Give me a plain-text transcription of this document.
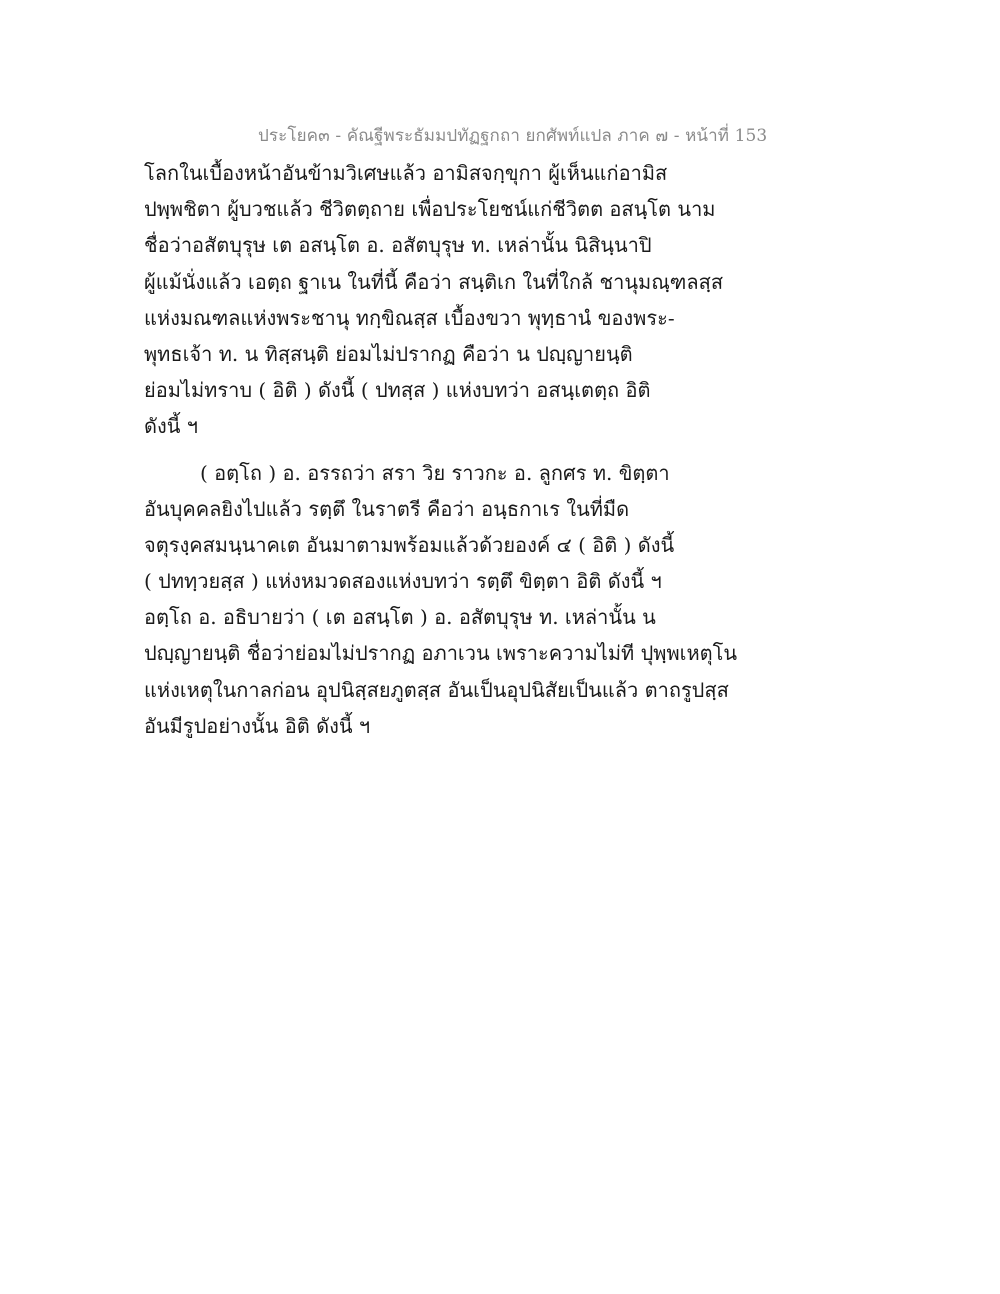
ประโยค๓ - คัณฐีพระธัมมปทัฏฐกถา ยกศัพท์แปล ภาค ๗ - หน้าที่ 153
โลกในเบื้องหน้าอันข้ามวิเศษแล้ว อามิสจกฺขุกา ผู้เห็นแก่อามิส
ปพฺพชิตา ผู้บวชแล้ว ชีวิตตฺถาย เพื่อประโยชน์แก่ชีวิตต อสนฺโต นาม
ชื่อว่าอสัตบุรุษ เต อสนฺโต อ. อสัตบุรุษ ท. เหล่านั้น นิสินฺนาปิ
ผู้แม้นั่งแล้ว เอตฺถ ฐาเน ในที่นี้ คือว่า สนฺติเก ในที่ใกล้ ชานุมณฺฑลสฺส
แห่งมณฑลแห่งพระชานุ ทกฺขิณสฺส เบื้องขวา พุทฺธานํ ของพระ-
พุทธเจ้า ท. น ทิสฺสนฺติ ย่อมไม่ปรากฏ คือว่า น ปญฺญายนฺติ
ย่อมไม่ทราบ ( อิติ ) ดังนี้ ( ปทสฺส ) แห่งบทว่า อสนฺเตตฺถ อิติ
ดังนี้ ฯ
( อตฺโถ ) อ. อรรถว่า สรา วิย ราวกะ อ. ลูกศร ท. ขิตฺตา
อันบุคคลยิงไปแล้ว รตฺตึ ในราตรี คือว่า อนฺธกาเร ในที่มืด
จตุรงฺคสมนฺนาคเต อันมาตามพร้อมแล้วด้วยองค์ ๔ ( อิติ ) ดังนี้
( ปททฺวยสฺส ) แห่งหมวดสองแห่งบทว่า รตฺตึ ขิตฺตา อิติ ดังนี้ ฯ
อตฺโถ อ. อธิบายว่า ( เต อสนฺโต ) อ. อสัตบุรุษ ท. เหล่านั้น น
ปญฺญายนฺติ ชื่อว่าย่อมไม่ปรากฏ อภาเวน เพราะความไม่ที ปุพฺพเหตุโน
แห่งเหตุในกาลก่อน อุปนิสฺสยภูตสฺส อันเป็นอุปนิสัยเป็นแล้ว ตาถรูปสฺส
อันมีรูปอย่างนั้น อิติ ดังนี้ ฯ
